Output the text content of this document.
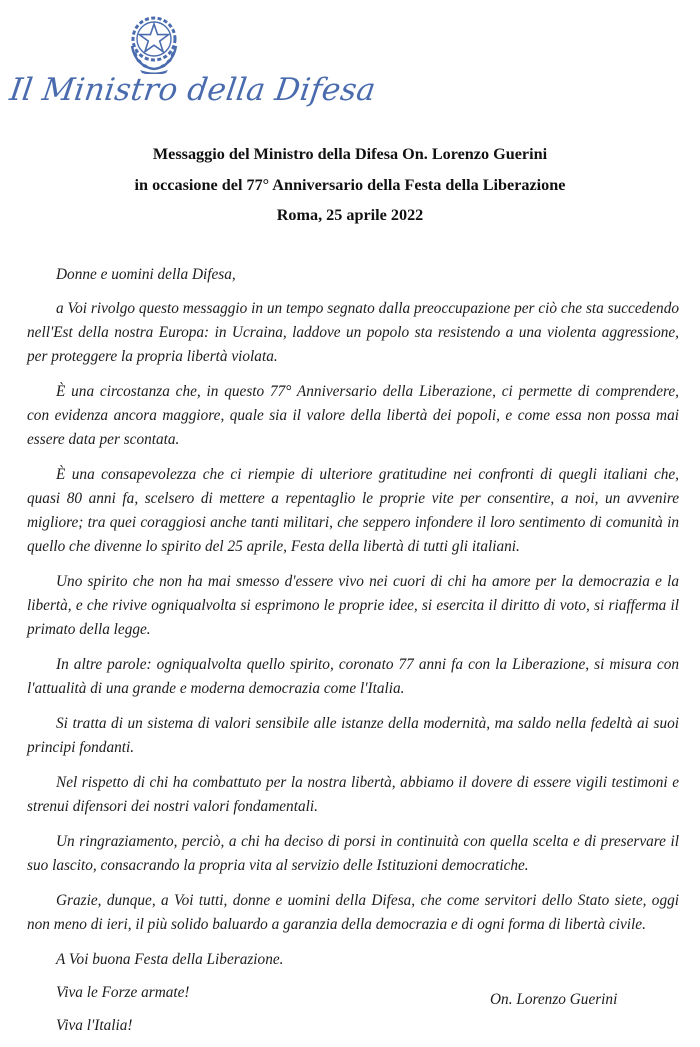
Il Ministro della Difesa
Messaggio del Ministro della Difesa On. Lorenzo Guerini
in occasione del 77° Anniversario della Festa della Liberazione
Roma, 25 aprile 2022

Donne e uomini della Difesa,

a Voi rivolgo questo messaggio in un tempo segnato dalla preoccupazione per ciò che sta succedendo nell'Est della nostra Europa: in Ucraina, laddove un popolo sta resistendo a una violenta aggressione, per proteggere la propria libertà violata.

È una circostanza che, in questo 77° Anniversario della Liberazione, ci permette di comprendere, con evidenza ancora maggiore, quale sia il valore della libertà dei popoli, e come essa non possa mai essere data per scontata.

È una consapevolezza che ci riempie di ulteriore gratitudine nei confronti di quegli italiani che, quasi 80 anni fa, scelsero di mettere a repentaglio le proprie vite per consentire, a noi, un avvenire migliore; tra quei coraggiosi anche tanti militari, che seppero infondere il loro sentimento di comunità in quello che divenne lo spirito del 25 aprile, Festa della libertà di tutti gli italiani.

Uno spirito che non ha mai smesso d'essere vivo nei cuori di chi ha amore per la democrazia e la libertà, e che rivive ogniqualvolta si esprimono le proprie idee, si esercita il diritto di voto, si riafferma il primato della legge.

In altre parole: ogniqualvolta quello spirito, coronato 77 anni fa con la Liberazione, si misura con l'attualità di una grande e moderna democrazia come l'Italia.

Si tratta di un sistema di valori sensibile alle istanze della modernità, ma saldo nella fedeltà ai suoi principi fondanti.

Nel rispetto di chi ha combattuto per la nostra libertà, abbiamo il dovere di essere vigili testimoni e strenui difensori dei nostri valori fondamentali.

Un ringraziamento, perciò, a chi ha deciso di porsi in continuità con quella scelta e di preservare il suo lascito, consacrando la propria vita al servizio delle Istituzioni democratiche.

Grazie, dunque, a Voi tutti, donne e uomini della Difesa, che come servitori dello Stato siete, oggi non meno di ieri, il più solido baluardo a garanzia della democrazia e di ogni forma di libertà civile.

A Voi buona Festa della Liberazione.

Viva le Forze armate!

Viva l'Italia!

On. Lorenzo Guerini
